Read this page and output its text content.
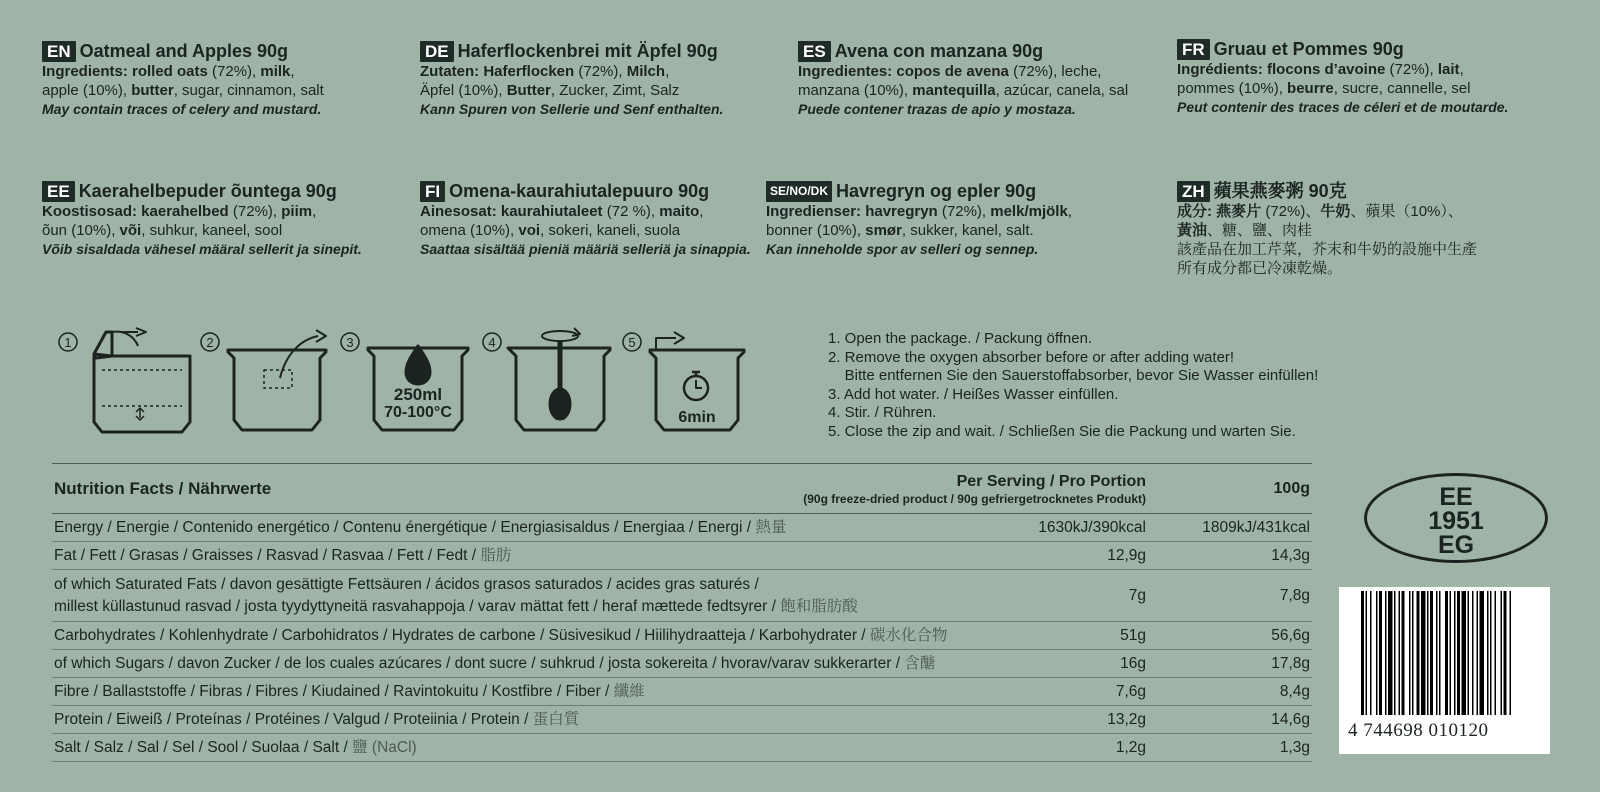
EN Oatmeal and Apples 90g
Ingredients: rolled oats (72%), milk,
apple (10%), butter, sugar, cinnamon, salt
May contain traces of celery and mustard.
DE Haferflockenbrei mit Äpfel 90g
Zutaten: Haferflocken (72%), Milch,
Äpfel (10%), Butter, Zucker, Zimt, Salz
Kann Spuren von Sellerie und Senf enthalten.
ES Avena con manzana 90g
Ingredientes: copos de avena (72%), leche,
manzana (10%), mantequilla, azúcar, canela, sal
Puede contener trazas de apio y mostaza.
FR Gruau et Pommes 90g
Ingrédients: flocons d’avoine (72%), lait,
pommes (10%), beurre, sucre, cannelle, sel
Peut contenir des traces de céleri et de moutarde.
EE Kaerahelbepuder õuntega 90g
Koostisosad: kaerahelbed (72%), piim,
õun (10%), või, suhkur, kaneel, sool
Võib sisaldada vähesel määral sellerit ja sinepit.
FI Omena-kaurahiutalepuuro 90g
Ainesosat: kaurahiutaleet (72 %), maito,
omena (10%), voi, sokeri, kaneli, suola
Saattaa sisältää pieniä määriä selleriä ja sinappia.
SE/NO/DK Havregryn og epler 90g
Ingredienser: havregryn (72%), melk/mjölk,
bonner (10%), smør, sukker, kanel, salt.
Kan inneholde spor av selleri og sennep.
ZH 蘋果燕麥粥 90克
成分: 燕麥片 (72%)、牛奶、蘋果（10%）、
黃油、糖、鹽、肉桂
該產品在加工芹菜，芥末和牛奶的設施中生產
所有成分都已冷凍乾燥。
1	2	3	4	5
250ml
70-100°C	6min
1. Open the package. / Packung öffnen.
2. Remove the oxygen absorber before or after adding water!
Bitte entfernen Sie den Sauerstoffabsorber, bevor Sie Wasser einfüllen!
3. Add hot water. / Heißes Wasser einfüllen.
4. Stir. / Rühren.
5. Close the zip and wait. / Schließen Sie die Packung und warten Sie.
Nutrition Facts / Nährwerte	Per Serving / Pro Portion
(90g freeze-dried product / 90g gefriergetrocknetes Produkt)
100g
Energy / Energie / Contenido energético / Contenu énergétique / Energiasisaldus / Energiaa / Energi / 熱量	1630kJ/390kcal	1809kJ/431kcal
Fat / Fett / Grasas / Graisses / Rasvad / Rasvaa / Fett / Fedt / 脂肪	12,9g	14,3g
of which Saturated Fats / davon gesättigte Fettsäuren / ácidos grasos saturados / acides gras saturés /
millest küllastunud rasvad / josta tyydyttyneitä rasvahappoja / varav mättat fett / heraf mættede fedtsyrer / 飽和脂肪酸
7g	7,8g
Carbohydrates / Kohlenhydrate / Carbohidratos / Hydrates de carbone / Süsivesikud / Hiilihydraatteja / Karbohydrater / 碳水化合物	51g	56,6g
of which Sugars / davon Zucker / de los cuales azúcares / dont sucre / suhkrud / josta sokereita / hvorav/varav sukkerarter / 含醣	16g	17,8g
Fibre / Ballaststoffe / Fibras / Fibres / Kiudained / Ravintokuitu / Kostfibre / Fiber / 纖維	7,6g	8,4g
Protein / Eiweiß / Proteínas / Protéines / Valgud / Proteiinia / Protein / 蛋白質	13,2g	14,6g
Salt / Salz / Sal / Sel / Sool / Suolaa / Salt / 鹽 (NaCl)	1,2g	1,3g
EE
1951
EG
4 744698 010120
